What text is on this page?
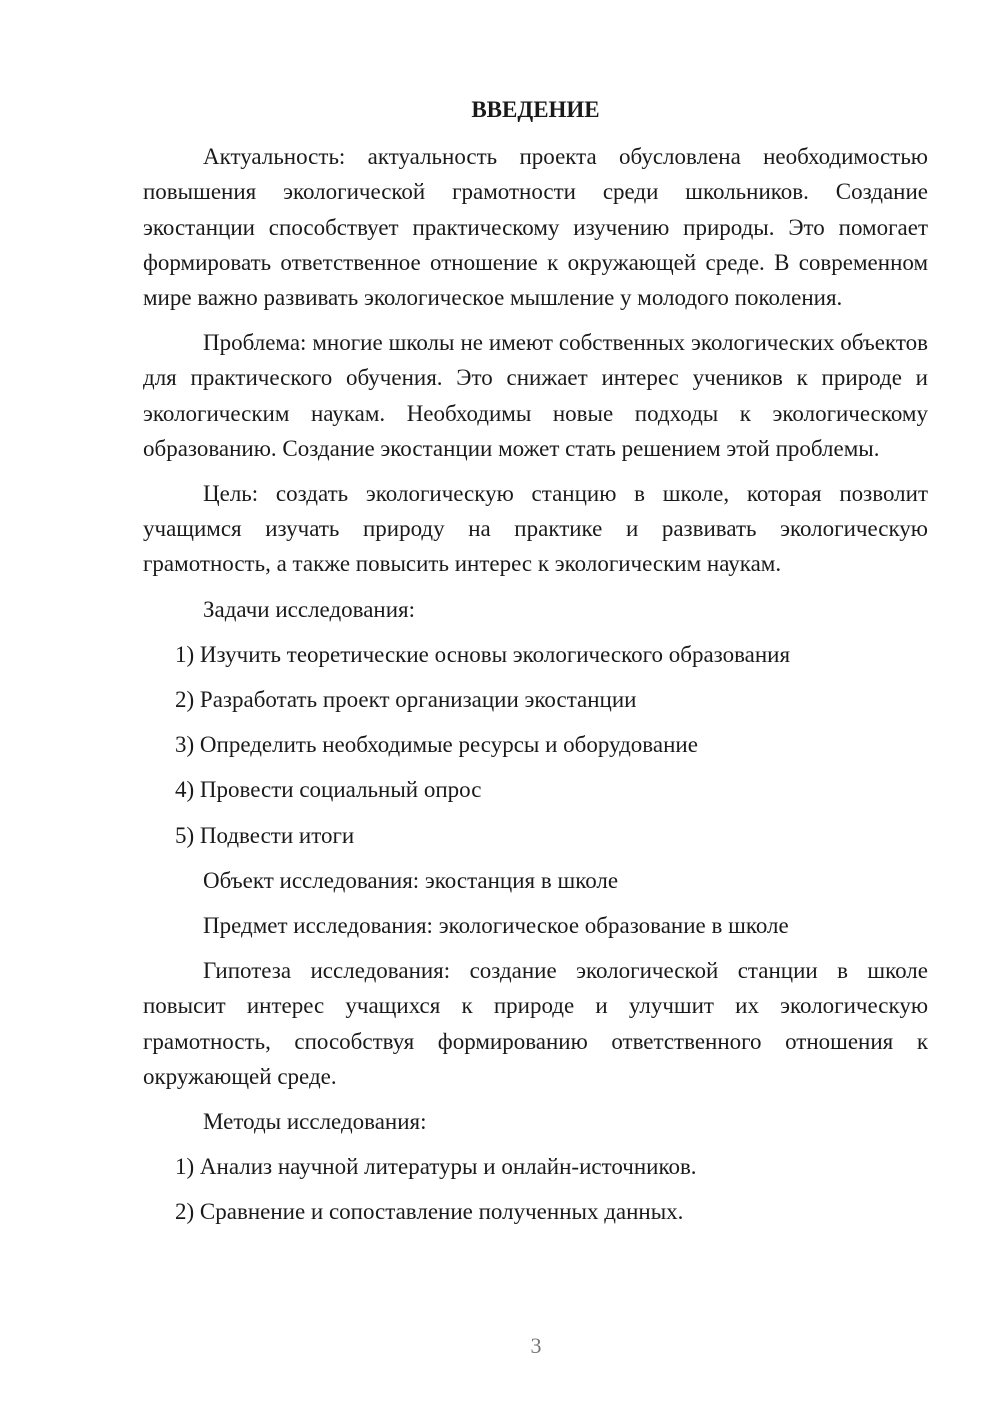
ВВЕДЕНИЕ

Актуальность: актуальность проекта обусловлена необходимостью повышения экологической грамотности среди школьников. Создание экостанции способствует практическому изучению природы. Это помогает формировать ответственное отношение к окружающей среде. В современном мире важно развивать экологическое мышление у молодого поколения.

Проблема: многие школы не имеют собственных экологических объектов для практического обучения. Это снижает интерес учеников к природе и экологическим наукам. Необходимы новые подходы к экологическому образованию. Создание экостанции может стать решением этой проблемы.

Цель: создать экологическую станцию в школе, которая позволит учащимся изучать природу на практике и развивать экологическую грамотность, а также повысить интерес к экологическим наукам.

Задачи исследования:
1) Изучить теоретические основы экологического образования
2) Разработать проект организации экостанции
3) Определить необходимые ресурсы и оборудование
4) Провести социальный опрос
5) Подвести итоги
Объект исследования: экостанция в школе
Предмет исследования: экологическое образование в школе

Гипотеза исследования: создание экологической станции в школе повысит интерес учащихся к природе и улучшит их экологическую грамотность, способствуя формированию ответственного отношения к окружающей среде.

Методы исследования:
1) Анализ научной литературы и онлайн-источников.
2) Сравнение и сопоставление полученных данных.
3
